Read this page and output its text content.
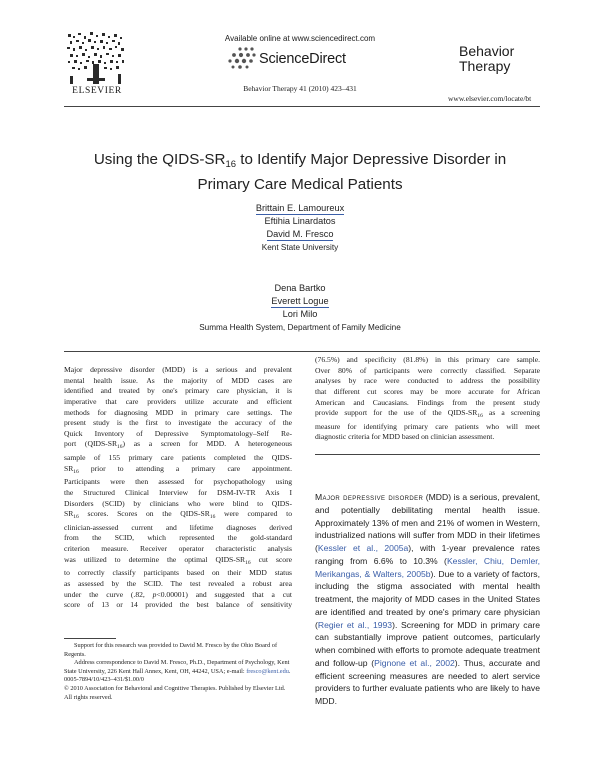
ELSEVIER
Available online at www.sciencedirect.com
ScienceDirect
Behavior Therapy 41 (2010) 423–431
Behavior
Therapy
www.elsevier.com/locate/bt
Using the QIDS-SR16 to Identify Major Depressive Disorder in
Primary Care Medical Patients
Brittain E. Lamoureux
Eftihia Linardatos
David M. Fresco
Kent State University
Dena Bartko
Everett Logue
Lori Milo
Summa Health System, Department of Family Medicine
Major depressive disorder (MDD) is a serious and prevalent
mental health issue. As the majority of MDD cases are
identified and treated by one's primary care physician, it is
imperative that care providers utilize accurate and efficient
methods for diagnosing MDD in primary care settings. The
present study is the first to investigate the accuracy of the
Quick Inventory of Depressive Symptomatology–Self Re-
port $(QIDS-SR_{16})$ as a screen for MDD. A heterogeneous
sample of 155 primary care patients completed the QIDS-
$SR_{16}$ prior to attending a primary care appointment.
Participants were then assessed for psychopathology using
the Structured Clinical Interview for DSM-IV-TR Axis I
Disorders (SCID) by clinicians who were blind to QIDS-
$SR_{16}$ scores. Scores on the QIDS-$SR_{16}$ were compared to
clinician-assessed current and lifetime diagnoses derived
from the SCID, which represented the gold-standard
criterion measure. Receiver operator characteristic analysis
was utilized to determine the optimal QIDS-$SR_{16}$ cut score
to correctly classify participants based on their MDD status
as assessed by the SCID. The test revealed a robust area
under the curve (.82, p<0.00001) and suggested that a cut
score of 13 or 14 provided the best balance of sensitivity
(76.5%) and specificity (81.8%) in this primary care sample.
Over 80% of participants were correctly classified. Separate
analyses by race were conducted to address the possibility
that different cut scores may be more accurate for African
American and Caucasians. Findings from the present study
provide support for the use of the QIDS-$SR_{16}$ as a screening
measure for identifying primary care patients who will meet
diagnostic criteria for MDD based on clinician assessment.

Support for this research was provided to David M. Fresco by the Ohio Board of Regents.

Address correspondence to David M. Fresco, Ph.D., Department of Psychology, Kent State University, 226 Kent Hall Annex, Kent, OH, 44242, USA; e-mail: fresco@kent.edu.

0005-7894/10/423–431/$1.00/0

© 2010 Association for Behavioral and Cognitive Therapies. Published by Elsevier Ltd. All rights reserved.

Major depressive disorder (MDD) is a serious, prevalent, and potentially debilitating mental health issue. Approximately 13% of men and 21% of women in Western, industrialized nations will suffer from MDD in their lifetimes (Kessler et al., 2005a), with 1-year prevalence rates ranging from 6.6% to 10.3% (Kessler, Chiu, Demler, Merikangas, & Walters, 2005b). Due to a variety of factors, including the stigma associated with mental health treatment, the majority of MDD cases in the United States are identified and treated by one's primary care physician (Regier et al., 1993). Screening for MDD in primary care can substantially improve patient outcomes, particularly when combined with efforts to promote adequate treatment and follow-up (Pignone et al., 2002). Thus, accurate and efficient screening measures are needed to alert service providers to further evaluate patients who are likely to have MDD.
